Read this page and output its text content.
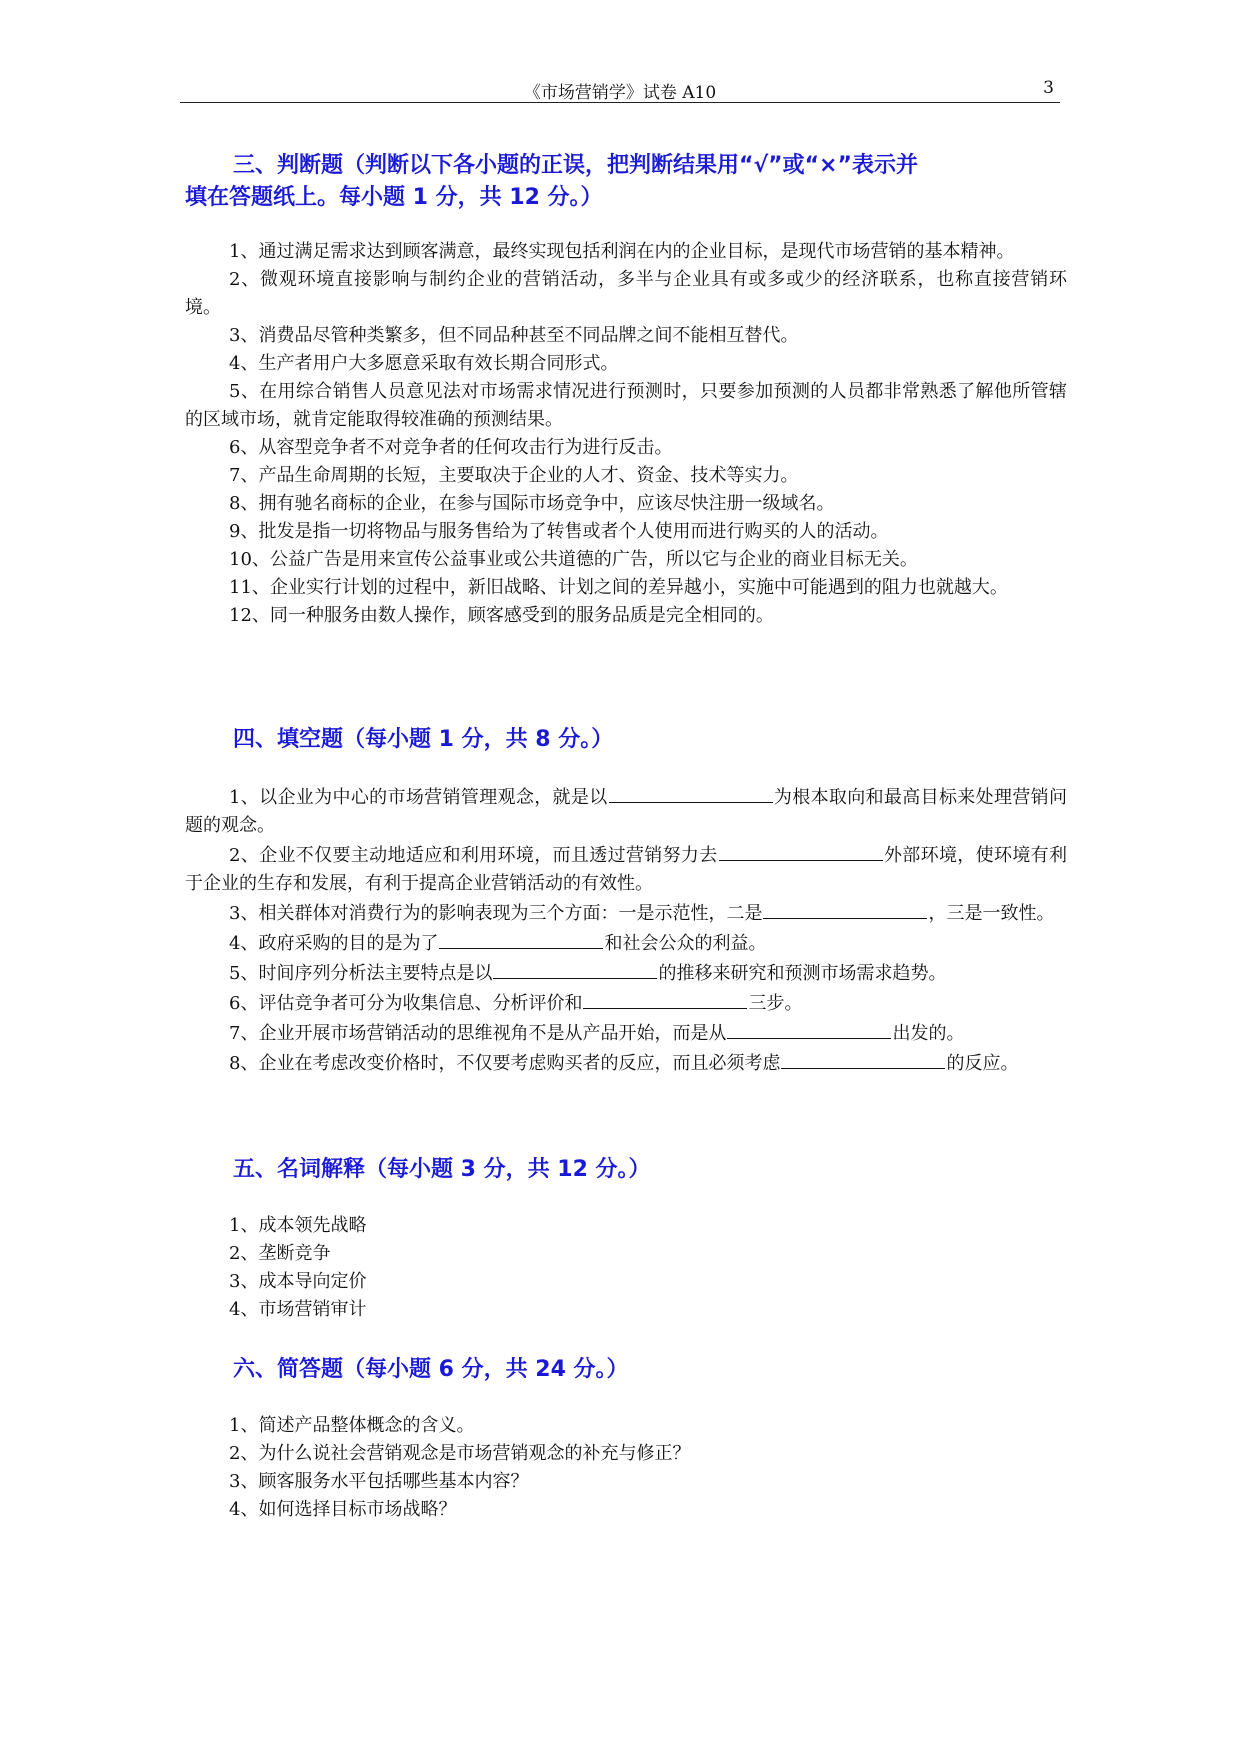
《市场营销学》试卷 A10	3
三、判断题（判断以下各小题的正误，把判断结果用“√”或“×”表示并
填在答题纸上。每小题 1 分，共 12 分。）

1、通过满足需求达到顾客满意，最终实现包括利润在内的企业目标，是现代市场营销的基本精神。

2、微观环境直接影响与制约企业的营销活动，多半与企业具有或多或少的经济联系，也称直接营销环境。

3、消费品尽管种类繁多，但不同品种甚至不同品牌之间不能相互替代。

4、生产者用户大多愿意采取有效长期合同形式。

5、在用综合销售人员意见法对市场需求情况进行预测时，只要参加预测的人员都非常熟悉了解他所管辖的区域市场，就肯定能取得较准确的预测结果。

6、从容型竞争者不对竞争者的任何攻击行为进行反击。

7、产品生命周期的长短，主要取决于企业的人才、资金、技术等实力。

8、拥有驰名商标的企业，在参与国际市场竞争中，应该尽快注册一级域名。

9、批发是指一切将物品与服务售给为了转售或者个人使用而进行购买的人的活动。

10、公益广告是用来宣传公益事业或公共道德的广告，所以它与企业的商业目标无关。

11、企业实行计划的过程中，新旧战略、计划之间的差异越小，实施中可能遇到的阻力也就越大。

12、同一种服务由数人操作，顾客感受到的服务品质是完全相同的。

四、填空题（每小题 1 分，共 8 分。）

1、以企业为中心的市场营销管理观念，就是以	为根本取向和最高目标来处理营销问题的观念。

2、企业不仅要主动地适应和利用环境，而且透过营销努力去	外部环境，使环境有利于企业的生存和发展，有利于提高企业营销活动的有效性。

3、相关群体对消费行为的影响表现为三个方面：一是示范性，二是	，三是一致性。

4、政府采购的目的是为了	和社会公众的利益。

5、时间序列分析法主要特点是以	的推移来研究和预测市场需求趋势。

6、评估竞争者可分为收集信息、分析评价和	三步。

7、企业开展市场营销活动的思维视角不是从产品开始，而是从	出发的。

8、企业在考虑改变价格时，不仅要考虑购买者的反应，而且必须考虑	的反应。

五、名词解释（每小题 3 分，共 12 分。）

1、成本领先战略

2、垄断竞争

3、成本导向定价

4、市场营销审计

六、简答题（每小题 6 分，共 24 分。）

1、简述产品整体概念的含义。

2、为什么说社会营销观念是市场营销观念的补充与修正？

3、顾客服务水平包括哪些基本内容？

4、如何选择目标市场战略？
